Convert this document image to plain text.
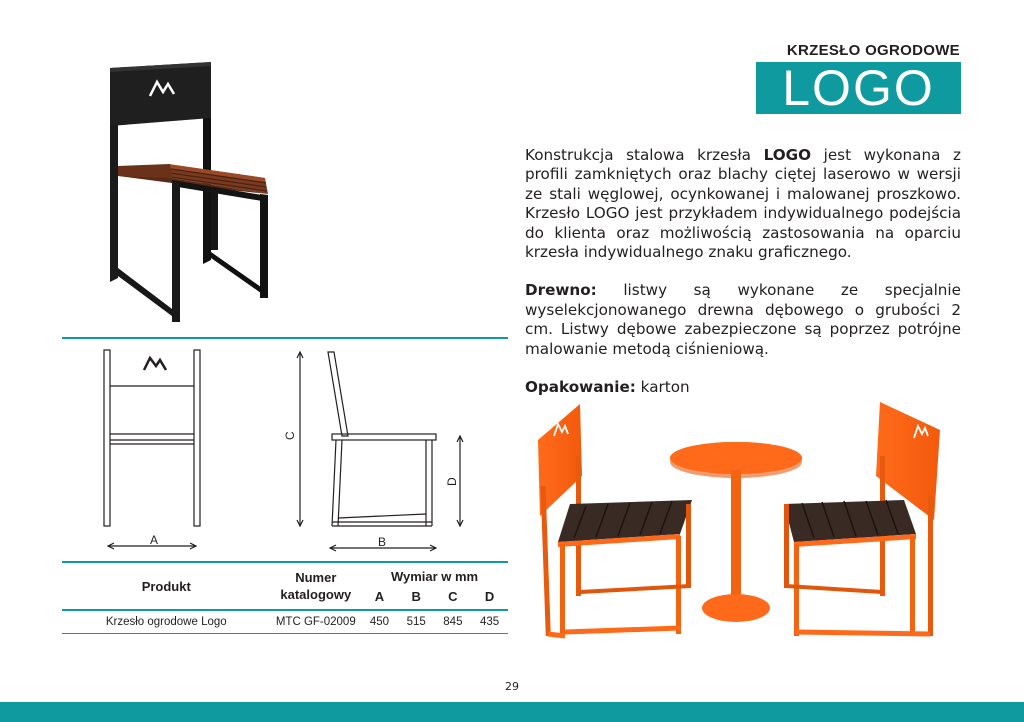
KRZESŁO OGRODOWE
LOGO

Konstrukcja stalowa krzesła LOGO jest wykonana z profili zamkniętych oraz blachy ciętej laserowo w wersji ze stali węglowej, ocynkowanej i malowanej proszkowo. Krzesło LOGO jest przykładem indywidualnego podejścia do klienta oraz możliwością zastosowania na oparciu krzesła indywidualnego znaku graficznego.

Drewno: listwy są wykonane ze specjalnie wyselekcjonowanego drewna dębowego o grubości 2 cm. Listwy dębowe zabezpieczone są poprzez potrójne malowanie metodą ciśnieniową.

Opakowanie: karton

A	B
C
D
Produkt	Numer katalogowy	Wymiar w mm			
		A	B	C	D
Krzesło ogrodowe Logo	MTC GF-02009	450	515	845	435
29
